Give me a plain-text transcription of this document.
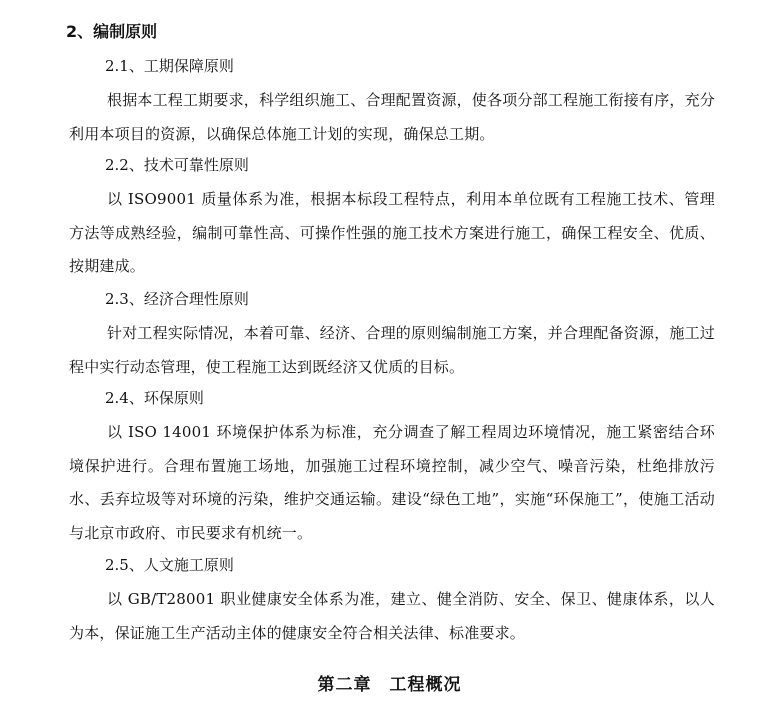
2、编制原则
2.1、工期保障原则
根据本工程工期要求，科学组织施工、合理配置资源，使各项分部工程施工衔接有序，充分利用本项目的资源，以确保总体施工计划的实现，确保总工期。
2.2、技术可靠性原则
以 ISO9001 质量体系为准，根据本标段工程特点，利用本单位既有工程施工技术、管理方法等成熟经验，编制可靠性高、可操作性强的施工技术方案进行施工，确保工程安全、优质、按期建成。
2.3、经济合理性原则
针对工程实际情况，本着可靠、经济、合理的原则编制施工方案，并合理配备资源，施工过程中实行动态管理，使工程施工达到既经济又优质的目标。
2.4、环保原则
以 ISO 14001 环境保护体系为标准，充分调查了解工程周边环境情况，施工紧密结合环境保护进行。合理布置施工场地，加强施工过程环境控制，减少空气、噪音污染，杜绝排放污水、丢弃垃圾等对环境的污染，维护交通运输。建设“绿色工地”，实施“环保施工”，使施工活动与北京市政府、市民要求有机统一。
2.5、人文施工原则
以 GB/T28001 职业健康安全体系为准，建立、健全消防、安全、保卫、健康体系，以人为本，保证施工生产活动主体的健康安全符合相关法律、标准要求。
第二章　工程概况
